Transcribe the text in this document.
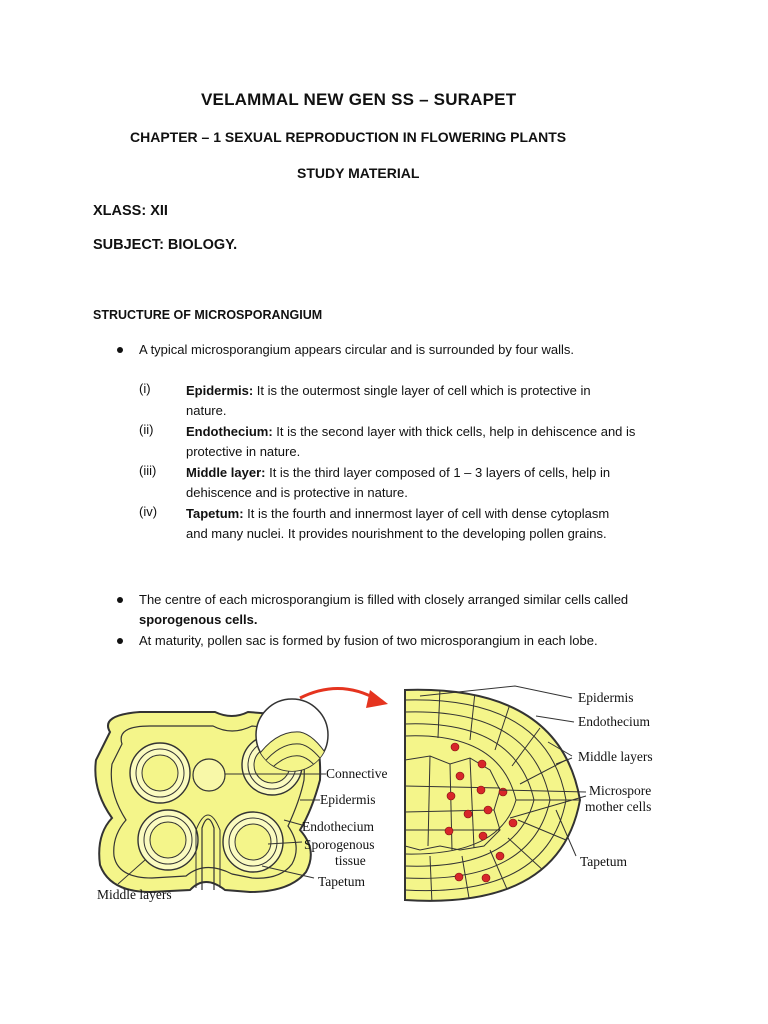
VELAMMAL NEW GEN SS – SURAPET
CHAPTER – 1 SEXUAL REPRODUCTION IN FLOWERING PLANTS
STUDY MATERIAL
XLASS: XII
SUBJECT: BIOLOGY.
STRUCTURE OF MICROSPORANGIUM
A typical microsporangium appears circular and is surrounded by four walls.
(i)	Epidermis: It is the outermost single layer of cell which is protective in
nature.
(ii)	Endothecium: It is the second layer with thick cells, help in dehiscence and is
protective in nature.
(iii) Middle layer: It is the third layer composed of 1 – 3 layers of cells, help in
dehiscence and is protective in nature.
(iv) Tapetum: It is the fourth and innermost layer of cell with dense cytoplasm
and many nuclei. It provides nourishment to the developing pollen grains.
The centre of each microsporangium is filled with closely arranged similar cells called
sporogenous cells.
At maturity, pollen sac is formed by fusion of two microsporangium in each lobe.
Connective
Epidermis
Endothecium
Sporogenous
tissue
Tapetum
Middle layers
Epidermis
Endothecium
Middle layers
Microspore
mother cells
Tapetum
